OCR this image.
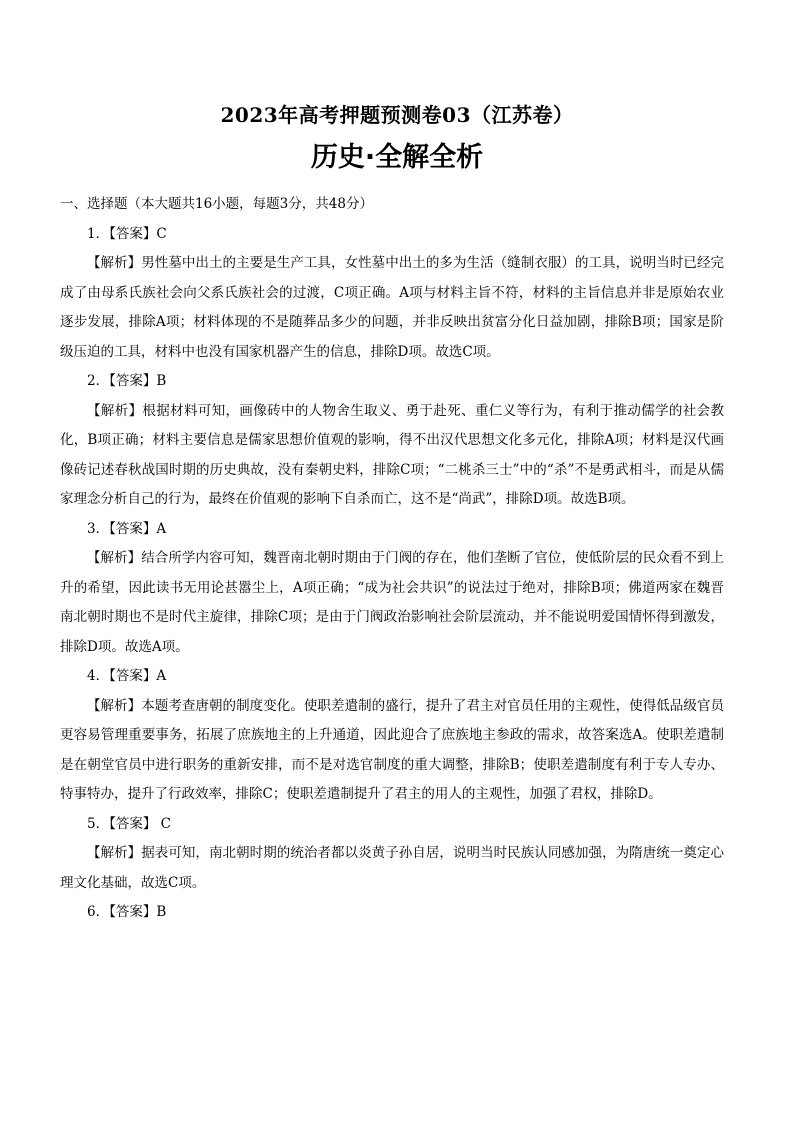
2023年高考押题预测卷03（江苏卷）
历史·全解全析

一、选择题（本大题共16小题，每题3分，共48分）

1．【答案】C

【解析】男性墓中出土的主要是生产工具，女性墓中出土的多为生活（缝制衣服）的工具，说明当时已经完成了由母系氏族社会向父系氏族社会的过渡，C项正确。A项与材料主旨不符，材料的主旨信息并非是原始农业逐步发展，排除A项；材料体现的不是随葬品多少的问题，并非反映出贫富分化日益加剧，排除B项；国家是阶级压迫的工具，材料中也没有国家机器产生的信息，排除D项。故选C项。

2．【答案】B

【解析】根据材料可知，画像砖中的人物舍生取义、勇于赴死、重仁义等行为，有利于推动儒学的社会教化，B项正确；材料主要信息是儒家思想价值观的影响，得不出汉代思想文化多元化，排除A项；材料是汉代画像砖记述春秋战国时期的历史典故，没有秦朝史料，排除C项；“二桃杀三士”中的“杀”不是勇武相斗，而是从儒家理念分析自己的行为，最终在价值观的影响下自杀而亡，这不是“尚武”，排除D项。故选B项。

3．【答案】A

【解析】结合所学内容可知，魏晋南北朝时期由于门阀的存在，他们垄断了官位，使低阶层的民众看不到上升的希望，因此读书无用论甚嚣尘上，A项正确；“成为社会共识”的说法过于绝对，排除B项；佛道两家在魏晋南北朝时期也不是时代主旋律，排除C项；是由于门阀政治影响社会阶层流动，并不能说明爱国情怀得到激发，排除D项。故选A项。

4．【答案】A

【解析】本题考查唐朝的制度变化。使职差遣制的盛行，提升了君主对官员任用的主观性，使得低品级官员更容易管理重要事务，拓展了庶族地主的上升通道，因此迎合了庶族地主参政的需求，故答案选A。使职差遣制是在朝堂官员中进行职务的重新安排，而不是对选官制度的重大调整，排除B；使职差遣制度有利于专人专办、特事特办，提升了行政效率，排除C；使职差遣制提升了君主的用人的主观性，加强了君权，排除D。

5．【答案】 C

【解析】据表可知，南北朝时期的统治者都以炎黄子孙自居，说明当时民族认同感加强，为隋唐统一奠定心理文化基础，故选C项。

6．【答案】B
